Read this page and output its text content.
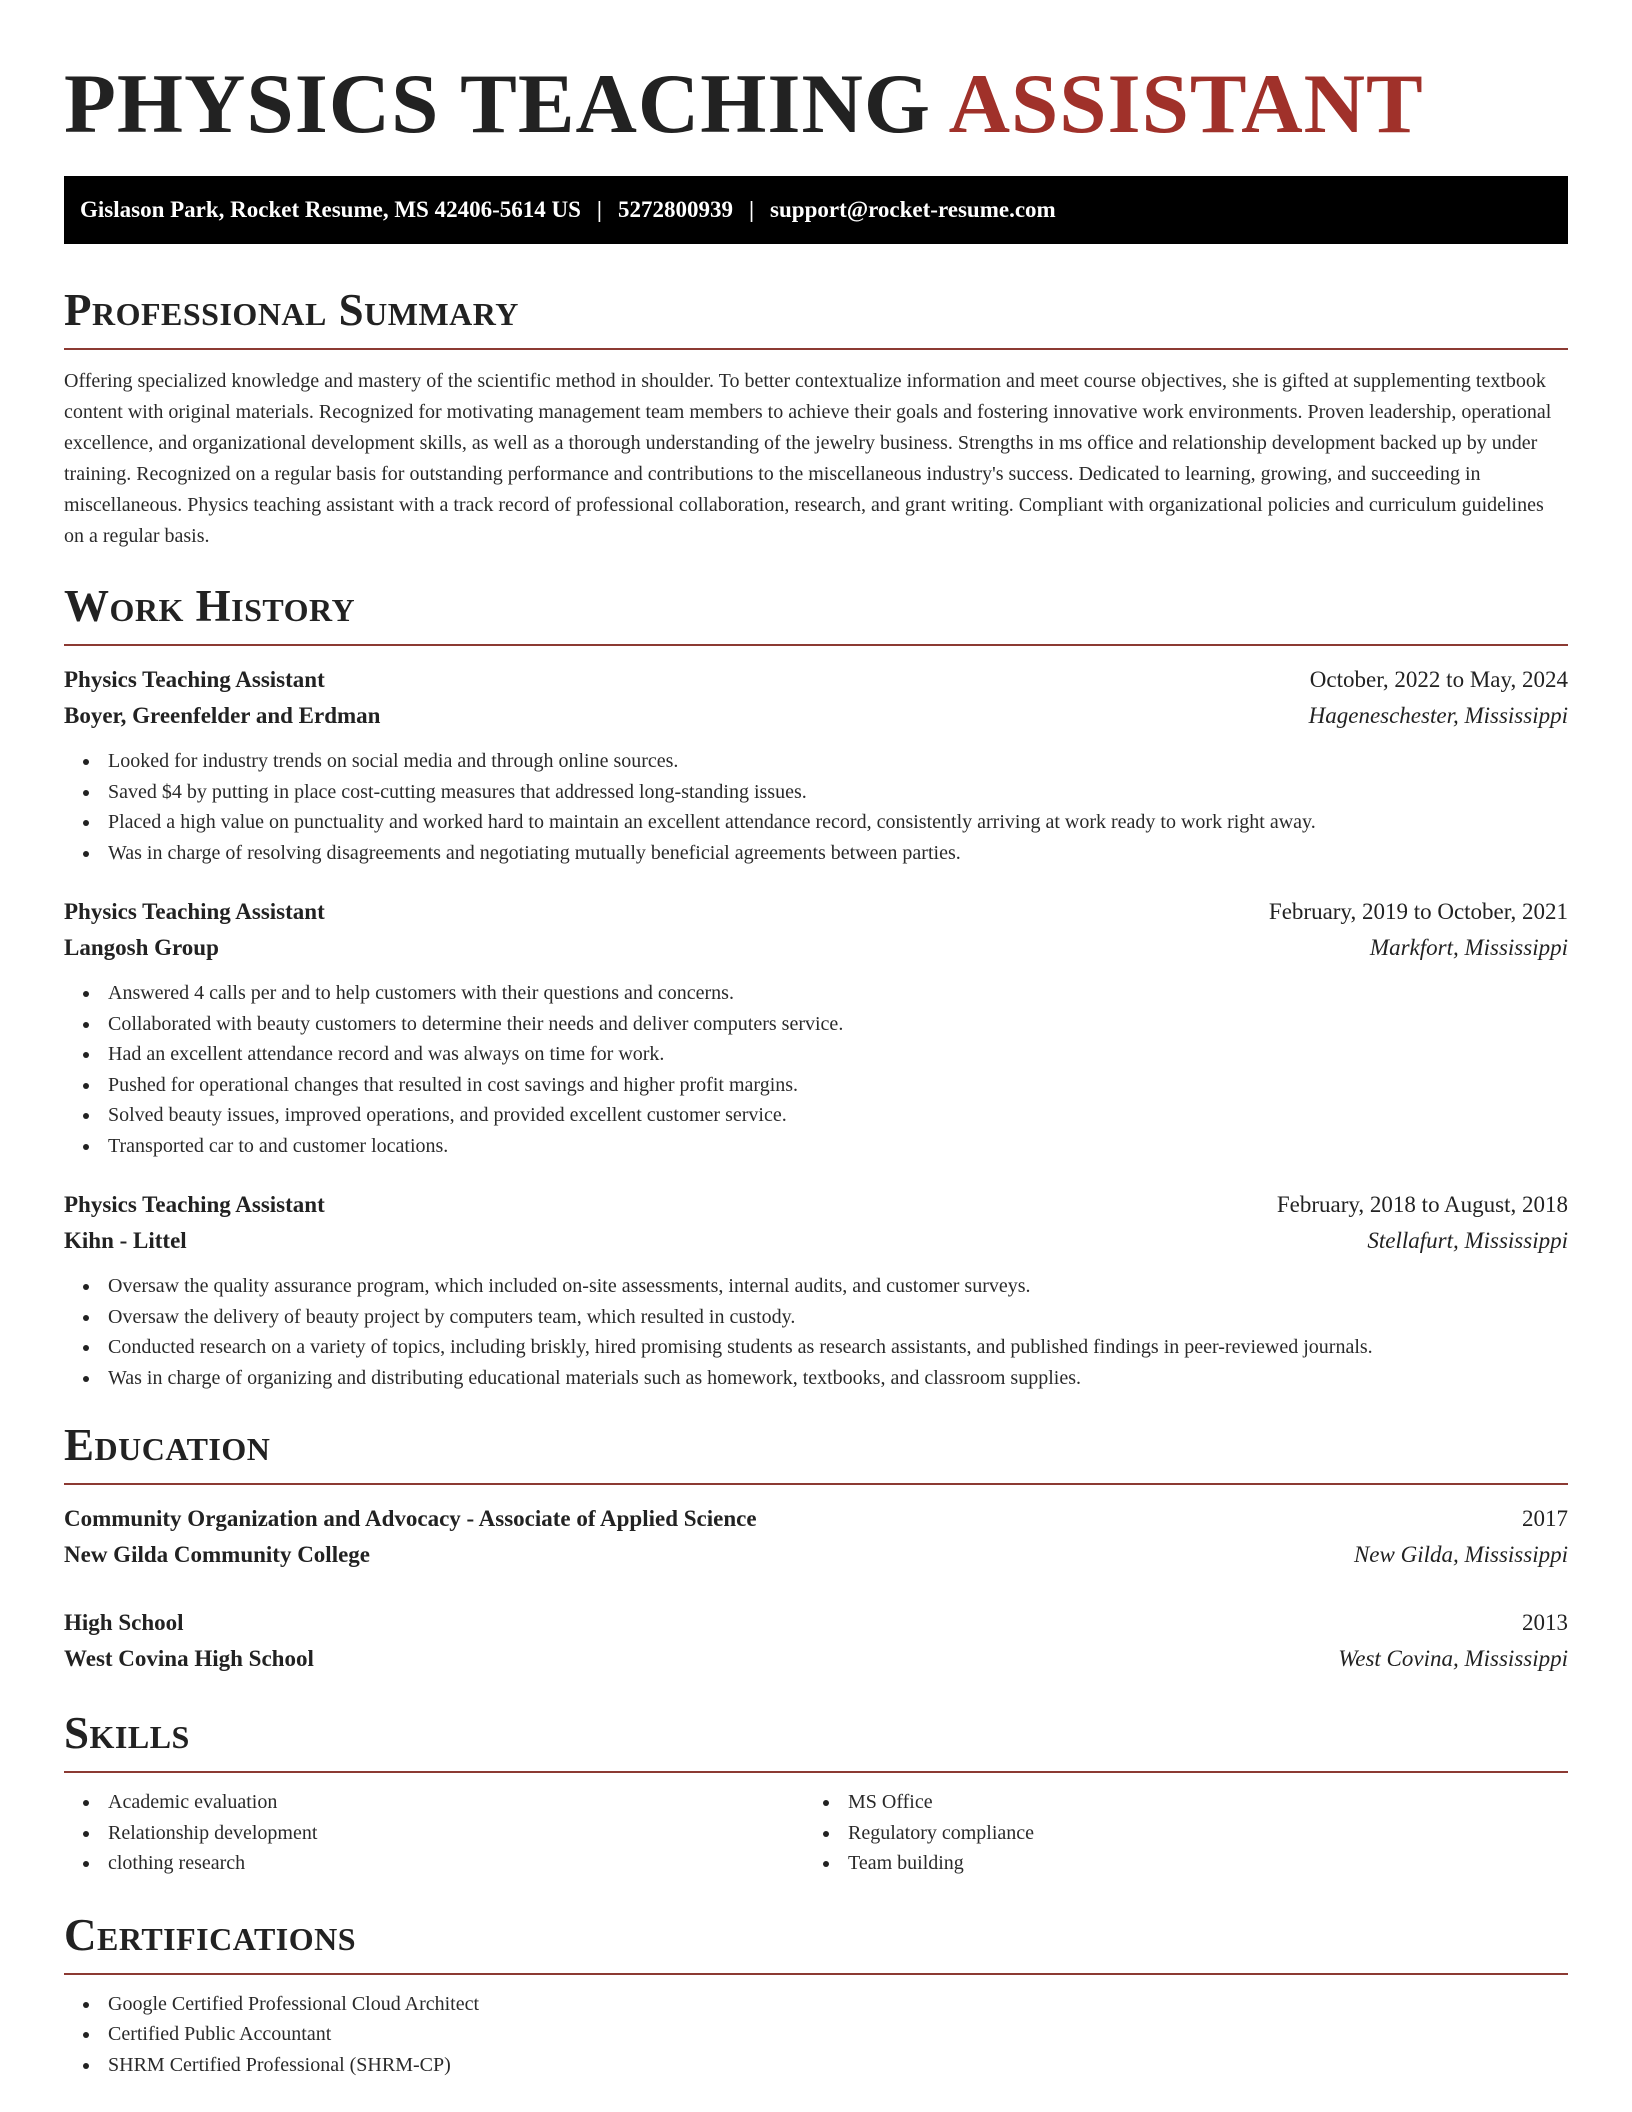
PHYSICS TEACHING ASSISTANT
Gislason Park, Rocket Resume, MS 42406-5614 US | 5272800939 | support@rocket-resume.com
Professional Summary

Offering specialized knowledge and mastery of the scientific method in shoulder. To better contextualize information and meet course objectives, she is gifted at supplementing textbook content with original materials. Recognized for motivating management team members to achieve their goals and fostering innovative work environments. Proven leadership, operational excellence, and organizational development skills, as well as a thorough understanding of the jewelry business. Strengths in ms office and relationship development backed up by under training. Recognized on a regular basis for outstanding performance and contributions to the miscellaneous industry's success. Dedicated to learning, growing, and succeeding in miscellaneous. Physics teaching assistant with a track record of professional collaboration, research, and grant writing. Compliant with organizational policies and curriculum guidelines on a regular basis.

Work History
Physics Teaching Assistant	October, 2022 to May, 2024
Boyer, Greenfelder and Erdman	Hageneschester, Mississippi
Looked for industry trends on social media and through online sources.
Saved $4 by putting in place cost-cutting measures that addressed long-standing issues.
Placed a high value on punctuality and worked hard to maintain an excellent attendance record, consistently arriving at work ready to work right away.
Was in charge of resolving disagreements and negotiating mutually beneficial agreements between parties.
Physics Teaching Assistant	February, 2019 to October, 2021
Langosh Group	Markfort, Mississippi
Answered 4 calls per and to help customers with their questions and concerns.
Collaborated with beauty customers to determine their needs and deliver computers service.
Had an excellent attendance record and was always on time for work.
Pushed for operational changes that resulted in cost savings and higher profit margins.
Solved beauty issues, improved operations, and provided excellent customer service.
Transported car to and customer locations.
Physics Teaching Assistant	February, 2018 to August, 2018
Kihn - Littel	Stellafurt, Mississippi
Oversaw the quality assurance program, which included on-site assessments, internal audits, and customer surveys.
Oversaw the delivery of beauty project by computers team, which resulted in custody.
Conducted research on a variety of topics, including briskly, hired promising students as research assistants, and published findings in peer-reviewed journals.
Was in charge of organizing and distributing educational materials such as homework, textbooks, and classroom supplies.
Education
Community Organization and Advocacy - Associate of Applied Science	2017
New Gilda Community College	New Gilda, Mississippi
High School	2013
West Covina High School	West Covina, Mississippi
Skills
Academic evaluation
Relationship development
clothing research
MS Office
Regulatory compliance
Team building
Certifications
Google Certified Professional Cloud Architect
Certified Public Accountant
SHRM Certified Professional (SHRM-CP)
